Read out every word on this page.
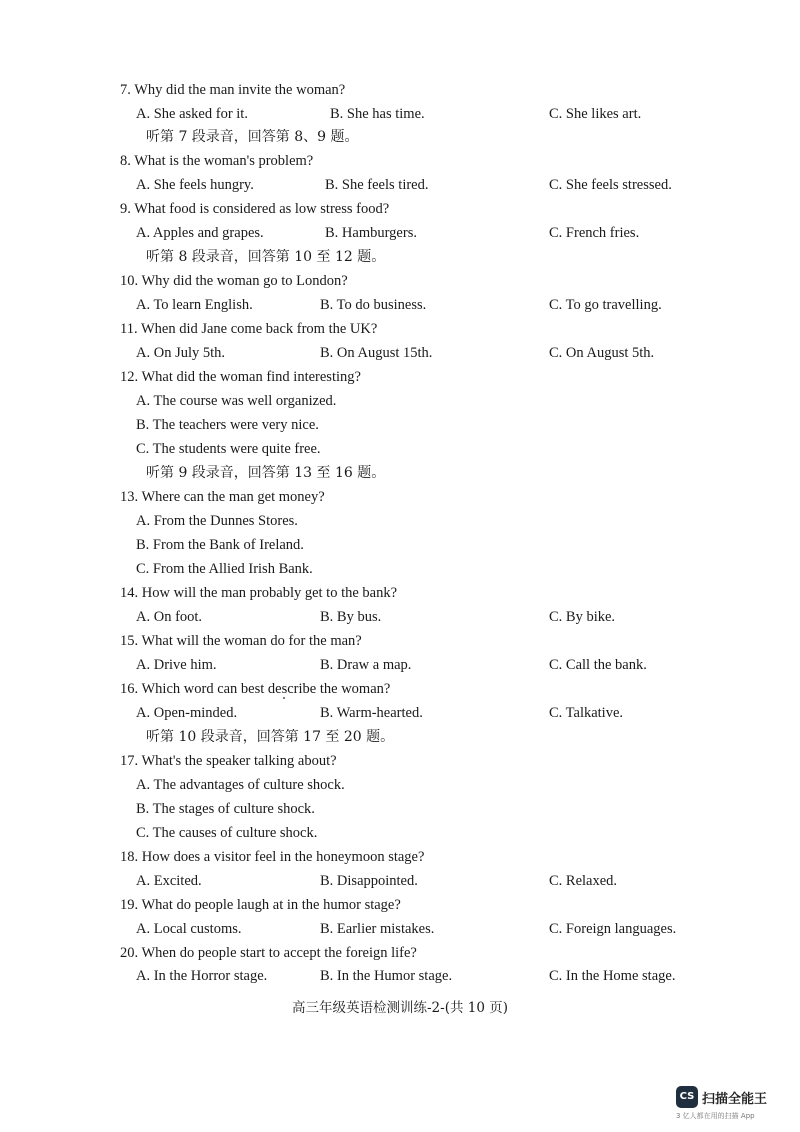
7. Why did the man invite the woman?
A. She asked for it.	B. She has time.	C. She likes art.
听第 7 段录音，回答第 8、9 题。
8. What is the woman's problem?
A. She feels hungry.	B. She feels tired.	C. She feels stressed.
9. What food is considered as low stress food?
A. Apples and grapes.	B. Hamburgers.	C. French fries.
听第 8 段录音，回答第 10 至 12 题。
10. Why did the woman go to London?
A. To learn English.	B. To do business.	C. To go travelling.
11. When did Jane come back from the UK?
A. On July 5th.	B. On August 15th.	C. On August 5th.
12. What did the woman find interesting?
A. The course was well organized.
B. The teachers were very nice.
C. The students were quite free.
听第 9 段录音，回答第 13 至 16 题。
13. Where can the man get money?
A. From the Dunnes Stores.
B. From the Bank of Ireland.
C. From the Allied Irish Bank.
14. How will the man probably get to the bank?
A. On foot.	B. By bus.	C. By bike.
15. What will the woman do for the man?
A. Drive him.	B. Draw a map.	C. Call the bank.
16. Which word can best describe the woman?
A. Open-minded.	B. Warm-hearted.	C. Talkative.
听第 10 段录音，回答第 17 至 20 题。
17. What's the speaker talking about?
A. The advantages of culture shock.
B. The stages of culture shock.
C. The causes of culture shock.
18. How does a visitor feel in the honeymoon stage?
A. Excited.	B. Disappointed.	C. Relaxed.
19. What do people laugh at in the humor stage?
A. Local customs.	B. Earlier mistakes.	C. Foreign languages.
20. When do people start to accept the foreign life?
A. In the Horror stage.	B. In the Humor stage.	C. In the Home stage.
高三年级英语检测训练-2-(共 10 页)
CS 扫描全能王
3 亿人都在用的扫描 App
